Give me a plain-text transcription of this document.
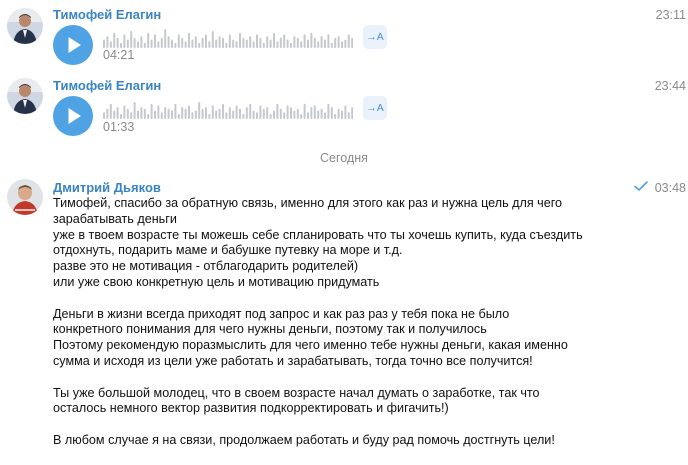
Тимофей Елагин	23:11
04:21
→A
Тимофей Елагин	23:44
01:33
→A
Сегодня
Дмитрий Дьяков	03:48
Тимофей, спасибо за обратную связь, именно для этого как раз и нужна цель для чего
зарабатывать деньги
уже в твоем возрасте ты можешь себе спланировать что ты хочешь купить, куда съездить
отдохнуть, подарить маме и бабушке путевку на море и т.д.
разве это не мотивация - отблагодарить родителей)
или уже свою конкретную цель и мотивацию придумать
Деньги в жизни всегда приходят под запрос и как раз раз у тебя пока не было
конкретного понимания для чего нужны деньги, поэтому так и получилось
Поэтому рекомендую поразмыслить для чего именно тебе нужны деньги, какая именно
сумма и исходя из цели уже работать и зарабатывать, тогда точно все получится!
Ты уже большой молодец, что в своем возрасте начал думать о заработке, так что
осталось немного вектор развития подкорректировать и фигачить!)
В любом случае я на связи, продолжаем работать и буду рад помочь достгнуть цели!
